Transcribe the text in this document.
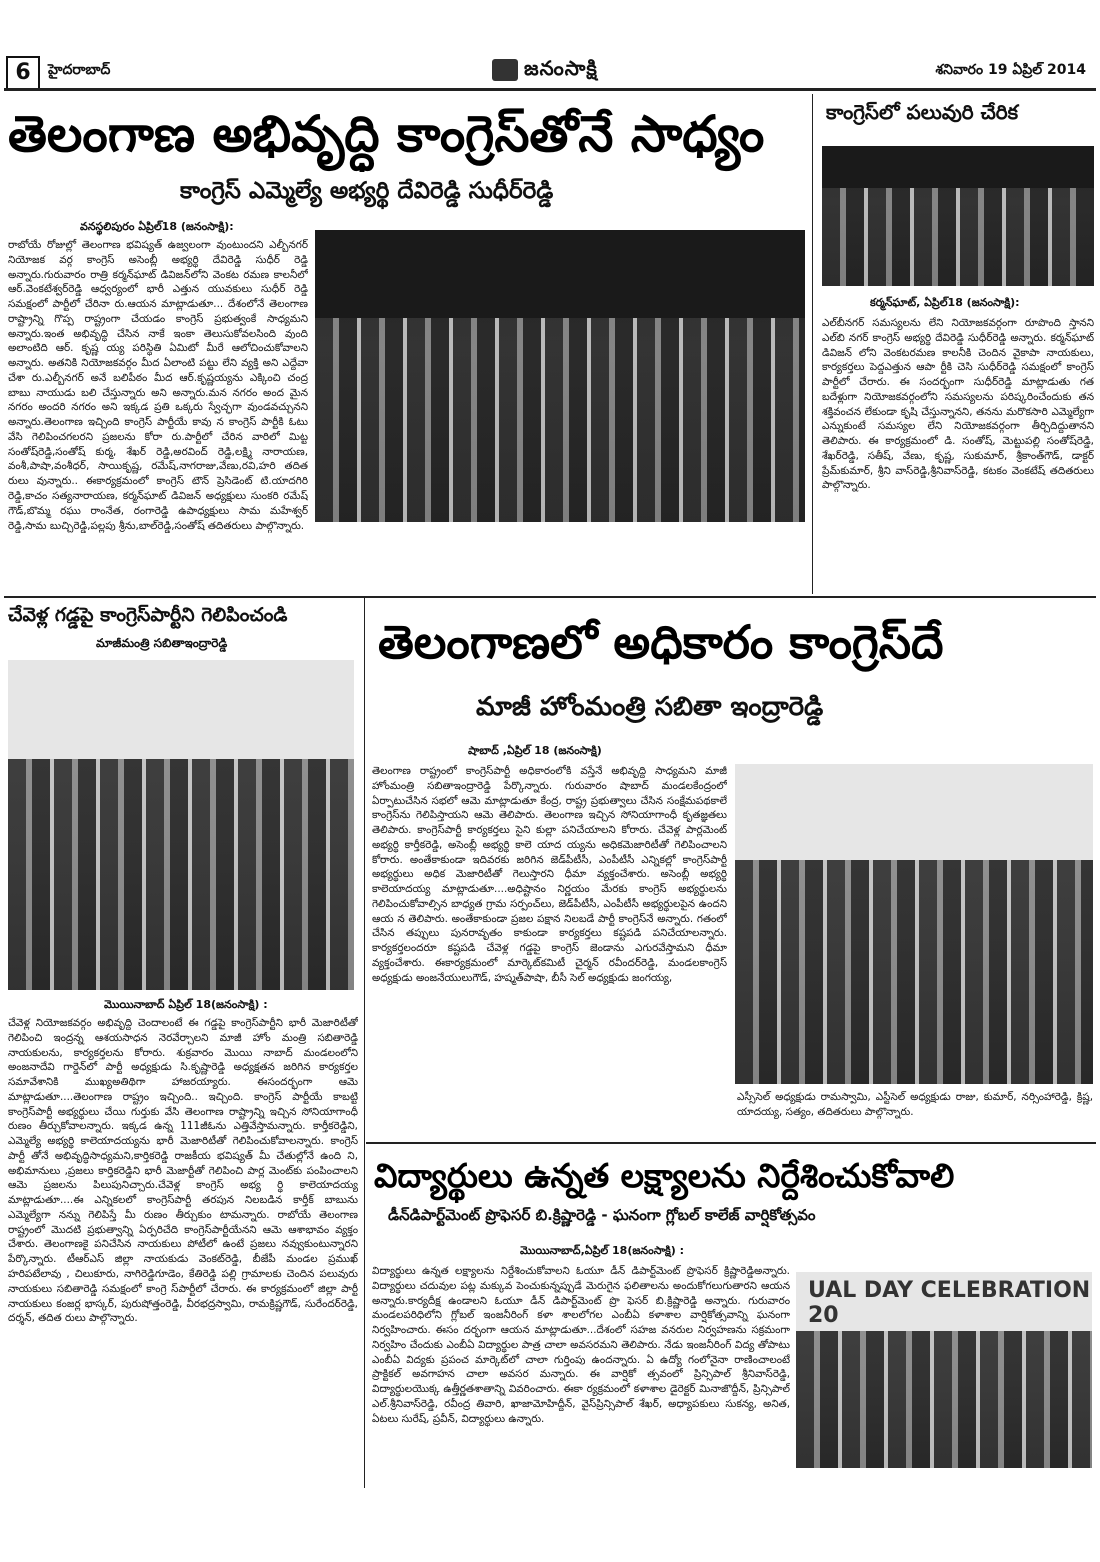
6	హైదరాబాద్	జనంసాక్షి	శనివారం 19 ఏప్రిల్ 2014
తెలంగాణ అభివృద్ధి కాంగ్రెస్‌తోనే సాధ్యం
కాంగ్రెస్ ఎమ్మెల్యే అభ్యర్థి దేవిరెడ్డి సుధీర్‌రెడ్డి
వనస్థలిపురం ఏప్రిల్18 (జనంసాక్షి):
రాబోయే రోజుల్లో తెలంగాణ భవిష్యత్ ఉజ్వలంగా వుంటుందని ఎల్బీనగర్ నియోజక వర్గ కాంగ్రెస్ అసెంబ్లీ అభ్యర్థి దేవిరెడ్డి సుధీర్ రెడ్డి అన్నారు.గురువారం రాత్రి కర్మన్‌ఘాట్ డివిజన్‌లోని వెంకట రమణ కాలనీలో ఆర్.వెంకటేశ్వర్‌రెడ్డి ఆధ్వర్యంలో భారీ ఎత్తున యువకులు సుధీర్ రెడ్డి సమక్షంలో పార్టీలో చేరినా రు.ఆయన మాట్లాడుతూ... దేశంలోనే తెలంగాణ రాష్ట్రాన్ని గొప్ప రాష్ట్రంగా చేయడం కాంగ్రెస్ ప్రభుత్వంకే సాధ్యమని అన్నారు.ఇంత అభివృద్ధి చేసిన నాకే ఇంకా తెలుసుకోవలసింది వుంది అలాంటిది ఆర్. కృష్ణ య్య పరిస్థితి ఏమిటో మీరే ఆలోచించుకోవాలని అన్నారు. అతనికి నియోజకవర్గం మీద ఏలాంటి పట్టు లేని వ్యక్తి అని ఎద్దేవా చేశా రు.ఎల్బీనగర్ అనే బలిపీఠం మీద ఆర్.కృష్ణయ్యను ఎక్కించి చంద్ర బాబు నాయుడు బలి చేస్తున్నారు అని అన్నారు.మన నగరం అంద మైన నగరం అందరి నగరం అని ఇక్కడ ప్రతి ఒక్కరు స్వేచ్ఛగా వుండవచ్చునని అన్నారు.తెలంగాణ ఇచ్చింది కాంగ్రెస్ పార్టీయే కావు న కాంగ్రెస్ పార్టీకి ఓటు వేసి గెలిపించగలరని ప్రజలను కోరా రు.పార్టీలో చేరిన వారిలో మిట్ట సంతోష్‌రెడ్డి,సంతోష్ కుర్మ, శేఖర్ రెడ్డి,అరవింద్ రెడ్డి,లక్ష్మి నారాయణ, వంశీ,పాషా,వంశీధర్, సాయికృష్ణ, రమేష్,నాగరాజు,వేణు,రవి,హరి తదిత రులు వున్నారు.. ఈకార్యక్రమంలో కాంగ్రెస్ టౌన్ ప్రెసిడెంట్ టి.యాదగిరి రెడ్డి,కాచం సత్యనారాయణ, కర్మన్‌ఘాట్ డివిజన్ అధ్యక్షులు సుంకరి రమేష్ గౌడ్,బొమ్మ రఘు రాంనేత, రంగారెడ్డి ఉపాధ్యక్షులు సామ మహేశ్వర్ రెడ్డి,సామ బుచ్చిరెడ్డి,పల్లపు శ్రీను,బాల్‌రెడ్డి,సంతోష్ తదితరులు పాల్గొన్నారు.
కాంగ్రెస్‌లో పలువురి చేరిక
కర్మన్‌ఘాట్, ఏప్రిల్18 (జనంసాక్షి):
ఎల్‌బీనగర్ సమస్యలను లేని నియోజకవర్గంగా రూపొంది స్తానని ఎల్‌బి నగర్ కాంగ్రెస్ అభ్యర్థి దేవిరెడ్డి సుధీర్‌రెడ్డి అన్నారు. కర్మన్‌ఘాట్ డివిజన్ లోని వెంకటరమణ కాలనీకి చెందిన వైకాపా నాయకులు, కార్యకర్తలు పెద్దఎత్తున ఆపా ర్టీకి చెసి సుధీర్‌రెడ్డి సమక్షంలో కాంగ్రెస్ పార్టీలో చేరారు. ఈ సందర్భంగా సుధీర్‌రెడ్డి మాట్లాడుతు గత బదేళ్లుగా నియోజకవర్గంలోని సమస్యలను పరిష్కరించేందుకు తన శక్తివంచన లేకుండా కృషి చేస్తున్నానని, తనను మరొకసారి ఎమ్మెల్యేగా ఎన్నుకుంటే సమస్యల లేని నియోజకవర్గంగా తీర్చిదిద్దుతానని తెలిపారు. ఈ కార్యక్రమంలో డి. సంతోష్, మెట్టుపల్లి సంతోష్‌రెడ్డి, శేఖర్‌రెడ్డి, సతీష్, వేణు, కృష్ణ, సుకుమార్, శ్రీకాంత్‌గౌడ్, డాక్టర్ ప్రేమ్‌కుమార్, శ్రీని వాస్‌రెడ్డి,శ్రీనివాస్‌రెడ్డి, కటకం వెంకటేష్ తదితరులు పాల్గొన్నారు.
చేవెళ్ల గడ్డపై కాంగ్రెస్‌పార్టీని గెలిపించండి
మాజీమంత్రి సబితాఇంద్రారెడ్డి
మొయినాబాద్ ఏప్రిల్ 18(జనంసాక్షి) :
చేవెళ్ల నియోజకవర్గం అభివృద్ది చెందాలంటే ఈ గడ్డపై కాంగ్రెస్‌పార్టీని భారీ మెజారిటీతో గెలిపించి ఇంద్రన్న ఆశయసాధన నెరవేర్చాలని మాజీ హోం మంత్రి సబితారెడ్డి నాయకులను, కార్యకర్తలను కోరారు. శుక్రవారం మొయి నాబాద్ మండలంలోని అంజనాదేవి గార్డెన్‌లో పార్టీ అధ్యక్షుడు సి.కృష్ణారెడ్డి అధ్యక్షతన జరిగిన కార్యకర్తల సమావేశానికి ముఖ్యఅతిథిగా హాజరయ్యారు. ఈసందర్భంగా ఆమె మాట్లాడుతూ....తెలంగాణ రాష్ట్రం ఇచ్చింది.. ఇచ్చింది. కాంగ్రెస్ పార్టీయే కాబట్టి కాంగ్రెస్‌పార్టీ అభ్యర్థులు చేయి గుర్తుకు వేసి తెలంగాణ రాష్ట్రాన్ని ఇచ్చిన సోనియాగాంధీ రుణం తీర్చుకోవాలన్నారు. ఇక్కడ ఉన్న 111జీఓను ఎత్తివేస్తామన్నారు. కార్తీకరెడ్డిని, ఎమ్మెల్యే అభ్యర్థి కాలెయాదయ్యను భారీ మెజారిటీతో గెలిపించుకోవాలన్నారు. కాంగ్రెస్ పార్టీ తోనే అభివృద్ధిసాధ్యమని,కార్తికరెడ్డి రాజకీయ భవిష్యత్ మీ చేతుల్లోనే ఉంది ని, అభిమానులు ,ప్రజలు కార్తికరెడ్డిని భారీ మెజార్టీతో గెలిపించి పార్ల మెంట్‌కు పంపించాలని ఆమె ప్రజలను పిలుపునిచ్చారు.చేవెళ్ల కాంగ్రెస్ అభ్య ర్థి కాలెయాదయ్య మాట్లాడుతూ....ఈ ఎన్నికలలో కాంగ్రెస్‌పార్టీ తరపున నిలబడిన కార్తీక్ బాబును ఎమ్మెల్యేగా నన్ను గెలిపిస్తే మీ రుణం తీర్చుకుం టామన్నారు. రాబోయే తెలంగాణ రాష్ట్రంలో మొదటి ప్రభుత్వాన్ని ఏర్పరిచేది కాంగ్రెస్‌పార్టీయేనని ఆమె ఆశాభావం వ్యక్తం చేశారు. తెలంగాణకై పనిచేసిన నాయకులు పోటీలో ఉంటే ప్రజలు నవ్వుకుంటున్నారని పేర్కొన్నారు. టీఆర్ఎస్ జిల్లా నాయకుడు వెంకట్‌రెడ్డి, బీజేపీ మండల ప్రముఖ్ హరిపటేలావు , చిలుకూరు, నాగిరెడ్డిగూడెం, కేతిరెడ్డి పల్లి గ్రామాలకు చెందిన పలువురు నాయకులు సబితారెడ్డి సమక్షంలో కాంగ్రె స్‌పార్టీలో చేరారు. ఈ కార్యక్రమంలో జిల్లా పార్టీ నాయకులు కంజర్ల భాస్కర్, పురుషోత్తంరెడ్డి, వీరభద్రస్వామి, రామక్రిష్ణగౌడ్, సురేందర్‌రెడ్డి, దర్శన్, తదిత రులు పాల్గొన్నారు.
తెలంగాణలో అధికారం కాంగ్రెస్‌దే
మాజీ హోంమంత్రి సబితా ఇంద్రారెడ్డి
షాబాద్ ,ఏప్రిల్ 18 (జనంసాక్షి)
తెలంగాణ రాష్ట్రంలో కాంగ్రెస్‌పార్టీ అధికారంలోకి వస్తేనే అభివృద్ది సాధ్యమని మాజీ హోంమంత్రి సబితాఇంద్రారెడ్డి పేర్కొన్నారు. గురువారం షాబాద్ మండలకేంద్రంలో ఏర్పాటుచేసిన సభలో ఆమె మాట్లాడుతూ కేంద్ర, రాష్ట్ర ప్రభుత్వాలు చేసిన సంక్షేమపథకాలే కాంగ్రెస్‌ను గెలిపిస్తాయని ఆమె తెలిపారు. తెలంగాణ ఇచ్చిన సోనియాగాంధీ కృతజ్ఞతలు తెలిపారు. కాంగ్రెస్‌పార్టీ కార్యకర్తలు సైని కుల్లా పనిచేయాలని కోరారు. చేవెళ్ల పార్లమెంట్ అభ్యర్థి కార్తీకరెడ్డి, అసెంబ్లీ అభ్యర్థి కాలె యాద య్యను అధికమెజారిటీతో గెలిపించాలని కోరారు. అంతేకాకుండా ఇదివరకు జరిగిన జెడ్‌పీటీసీ, ఎంపీటీసీ ఎన్నికల్లో కాంగ్రెస్‌పార్టీ అభ్యర్థులు అధిక మెజారిటీతో గెలుస్తారని ధీమా వ్యక్తంచేశారు. అసెంబ్లీ అభ్యర్థి కాలెయాదయ్య మాట్లాడుతూ....అధిష్టానం నిర్ణయం మేరకు కాంగ్రెస్ అభ్యర్థులను గెలిపించుకోవాల్సిన బాధ్యత గ్రామ సర్పంచ్‌లు, జెడ్‌పీటీసీ, ఎంపీటీసీ అభ్యర్థులపైన ఉందని ఆయ న తెలిపారు. అంతేకాకుండా ప్రజల పక్షాన నిలబడే పార్టీ కాంగ్రెస్‌నే అన్నారు. గతంలో చేసిన తప్పులు పునరావృతం కాకుండా కార్యకర్తలు కష్టపడి పనిచేయాలన్నారు. కార్యకర్తలందరూ కష్టపడి చేవెళ్ల గడ్డపై కాంగ్రెస్ జెండాను ఎగురవేస్తామని ధీమా వ్యక్తంచేశారు. ఈకార్యక్రమంలో మార్కెట్‌కమిటీ చైర్మన్ రవీందర్‌రెడ్డి, మండలకాంగ్రెస్ అధ్యక్షుడు అంజనేయులుగౌడ్, హష్మత్‌పాషా, బీసీ సెల్ అధ్యక్షుడు జంగయ్య,
ఎస్సీసెల్ అధ్యక్షుడు రామస్వామి, ఎస్టీసెల్ అధ్యక్షుడు రాజు, కుమార్, నర్సింహారెడ్డి, క్రిష్ణ, యాదయ్య, సత్యం, తదితరులు పాల్గొన్నారు.
విద్యార్థులు ఉన్నత లక్ష్యాలను నిర్దేశించుకోవాలి
డీన్‌డిపార్ట్‌మెంట్ ప్రొఫెసర్ బి.క్రిష్ణారెడ్డి - ఘనంగా గ్లోబల్ కాలేజ్ వార్షికోత్సవం
మొయినాబాద్,ఏప్రిల్ 18(జనంసాక్షి) :
విద్యార్థులు ఉన్నత లక్ష్యాలను నిర్దేశించుకోవాలని ఓయూ డీన్ డిపార్ట్‌మెంట్ ప్రొఫెసర్ క్రిష్ణారెడ్డిఅన్నారు. విద్యార్థులు చదువుల పట్ల మక్కువ పెంచుకున్నప్పుడే మెరుగైన ఫలితాలను అందుకోగలుగుతారని ఆయన అన్నారు.కార్యదీక్ష ఉండాలని ఓయూ డీన్ డిపార్ట్‌మెంట్ ప్రొ ఫెసర్ బి.క్రిష్ణారెడ్డి అన్నారు. గురువారం మండలపరిధిలోని గ్లోబల్ ఇంజనీరింగ్ కళా శాలలోగల ఎంబీఏ కళాశాల వార్షికోత్సవాన్ని ఘనంగా నిర్వహించారు. ఈసం దర్భంగా ఆయన మాట్లాడుతూ...దేశంలో సహజ వనరుల నిర్వహణను సక్రమంగా నిర్వహిం చేందుకు ఎంబీఏ విద్యార్థుల పాత్ర చాలా అవసరమని తెలిపారు. నేడు ఇంజనీరింగ్ విద్య తోపాటు ఎంబీఏ విద్యకు ప్రపంచ మార్కెట్‌లో చాలా గుర్తింపు ఉందన్నారు. ఏ ఉద్యో గంలోనైనా రాణించాలంటే ప్రాక్టికల్ అవగాహన చాలా అవసర మన్నారు. ఈ వార్షికో త్సవంలో ప్రిన్సిపాల్ శ్రీనివాస్‌రెడ్డి, విద్యార్థులయొక్క ఉత్తీర్ణతశాతాన్ని వివరించారు. ఈకా ర్యక్రమంలో కళాశాల డైరెక్టర్ మినాజొద్దీన్, ప్రిన్సిపాల్ ఎల్.శ్రీనివాస్‌రెడ్డి, రవీంద్ర తివారి, ఖాజామోహిద్దీన్, వైస్‌ప్రిన్సిపాల్ శేఖర్, అధ్యాపకులు సుకన్య, అనిత, ఏటలు సురేష్, ప్రవీన్, విద్యార్థులు ఉన్నారు.
UAL DAY CELEBRATION 20
